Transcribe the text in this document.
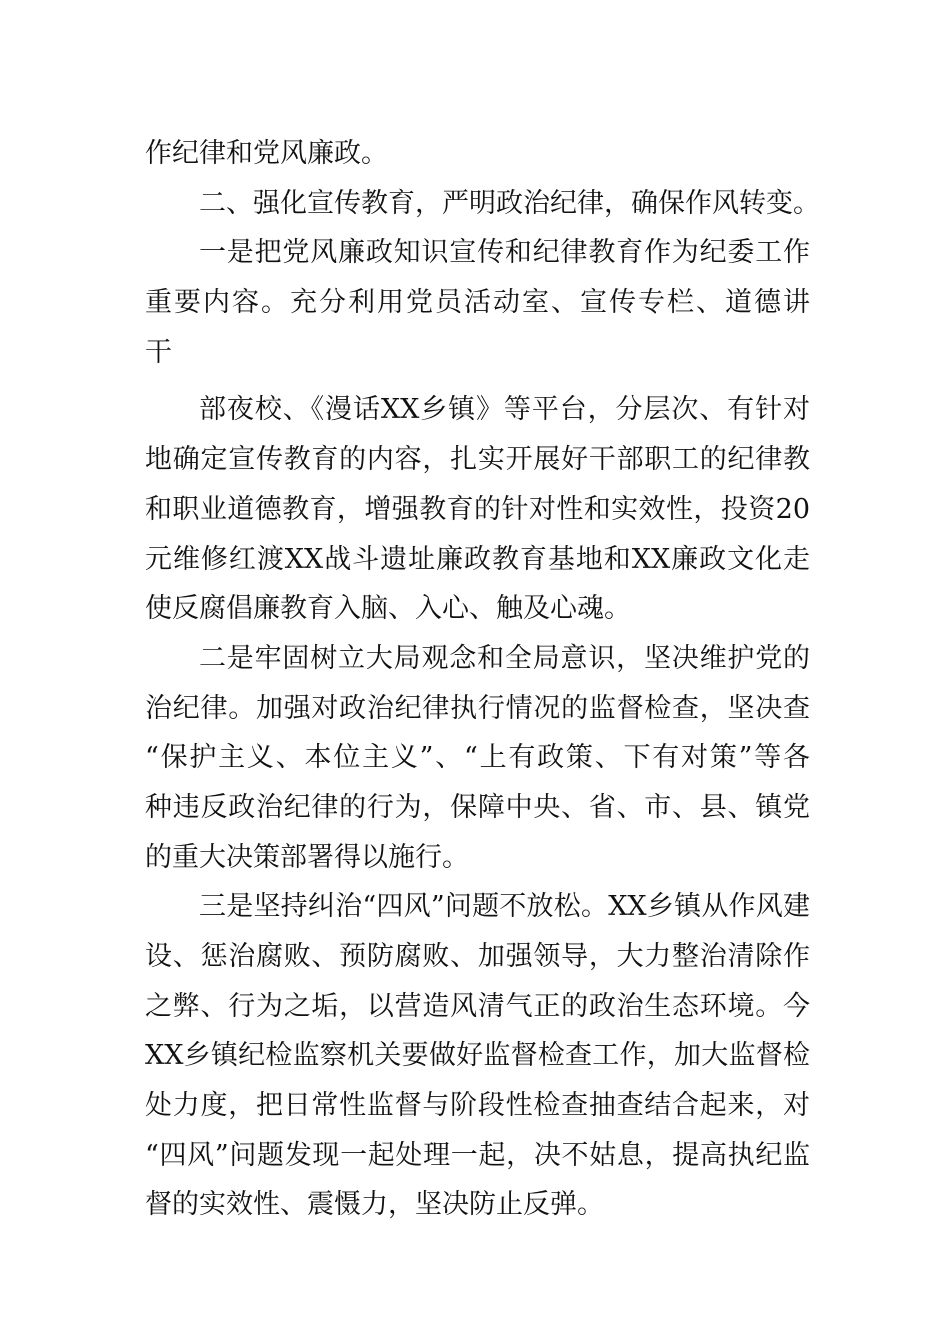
作纪律和党风廉政。
二、强化宣传教育，严明政治纪律，确保作风转变。
一是把党风廉政知识宣传和纪律教育作为纪委工作
重要内容。充分利用党员活动室、宣传专栏、道德讲
干
部夜校、《漫话XX乡镇》等平台，分层次、有针对
地确定宣传教育的内容，扎实开展好干部职工的纪律教
和职业道德教育，增强教育的针对性和实效性，投资20
元维修红渡XX战斗遗址廉政教育基地和XX廉政文化走
使反腐倡廉教育入脑、入心、触及心魂。
二是牢固树立大局观念和全局意识，坚决维护党的
治纪律。加强对政治纪律执行情况的监督检查，坚决查
“保护主义、本位主义”、“上有政策、下有对策”等各
种违反政治纪律的行为，保障中央、省、市、县、镇党
的重大决策部署得以施行。
三是坚持纠治“四风”问题不放松。XX乡镇从作风建
设、惩治腐败、预防腐败、加强领导，大力整治清除作
之弊、行为之垢，以营造风清气正的政治生态环境。今
XX乡镇纪检监察机关要做好监督检查工作，加大监督检
处力度，把日常性监督与阶段性检查抽查结合起来，对
“四风”问题发现一起处理一起，决不姑息，提高执纪监
督的实效性、震慑力，坚决防止反弹。
